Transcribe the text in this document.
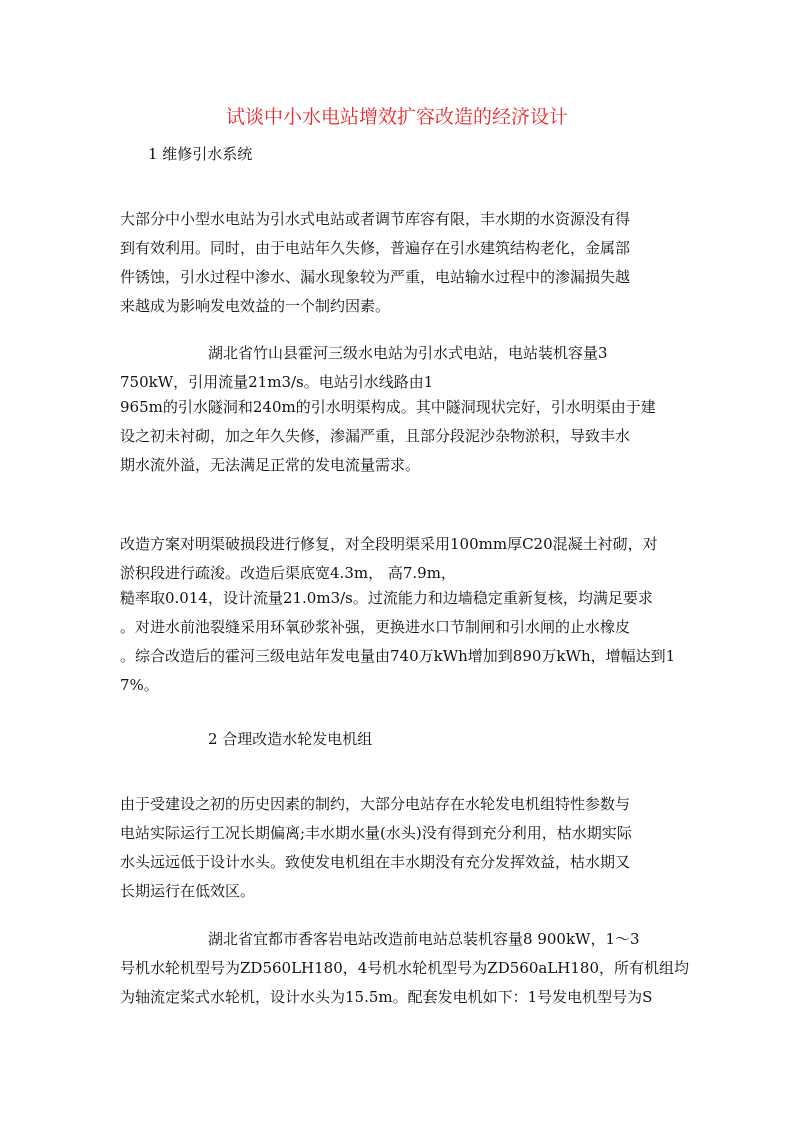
试谈中小水电站增效扩容改造的经济设计
1 维修引水系统
大部分中小型水电站为引水式电站或者调节库容有限，丰水期的水资源没有得
到有效利用。同时，由于电站年久失修，普遍存在引水建筑结构老化，金属部
件锈蚀，引水过程中渗水、漏水现象较为严重，电站输水过程中的渗漏损失越
来越成为影响发电效益的一个制约因素。
湖北省竹山县霍河三级水电站为引水式电站，电站装机容量3
750kW，引用流量21m3/s。电站引水线路由1
965m的引水隧洞和240m的引水明渠构成。其中隧洞现状完好，引水明渠由于建
设之初未衬砌，加之年久失修，渗漏严重，且部分段泥沙杂物淤积，导致丰水
期水流外溢，无法满足正常的发电流量需求。
改造方案对明渠破损段进行修复，对全段明渠采用100mm厚C20混凝土衬砌，对
淤积段进行疏浚。改造后渠底宽4.3m， 高7.9m，
糙率取0.014，设计流量21.0m3/s。过流能力和边墙稳定重新复核，均满足要求
。对进水前池裂缝采用环氧砂浆补强，更换进水口节制闸和引水闸的止水橡皮
。综合改造后的霍河三级电站年发电量由740万kWh增加到890万kWh，增幅达到1
7%。
2 合理改造水轮发电机组
由于受建设之初的历史因素的制约，大部分电站存在水轮发电机组特性参数与
电站实际运行工况长期偏离;丰水期水量(水头)没有得到充分利用，枯水期实际
水头远远低于设计水头。致使发电机组在丰水期没有充分发挥效益，枯水期又
长期运行在低效区。
湖北省宜都市香客岩电站改造前电站总装机容量8 900kW，1～3
号机水轮机型号为ZD560LH180，4号机水轮机型号为ZD560aLH180，所有机组均
为轴流定桨式水轮机，设计水头为15.5m。配套发电机如下：1号发电机型号为S
